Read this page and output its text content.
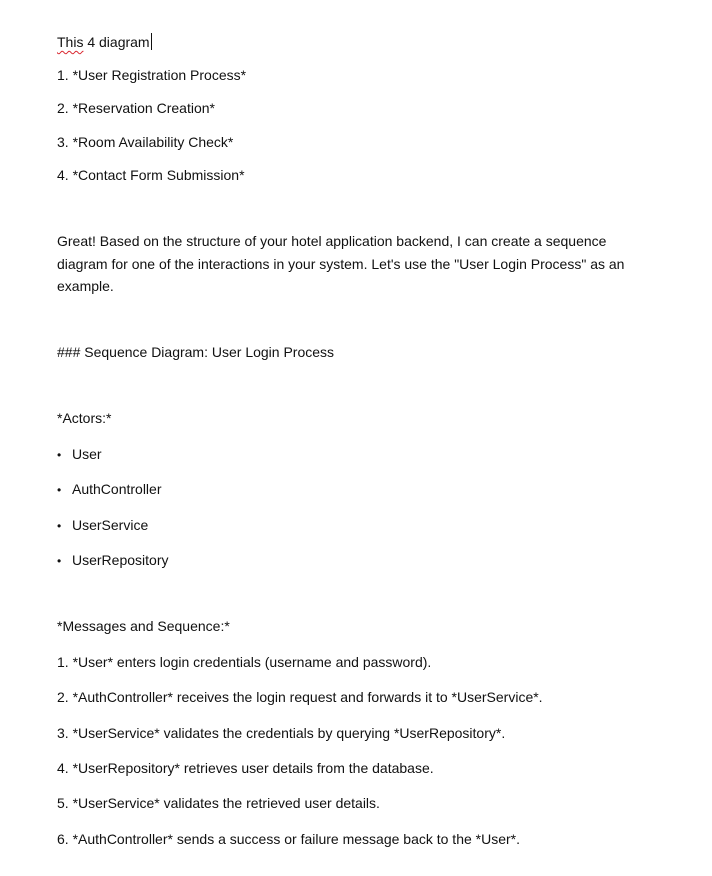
This 4 diagram
1. *User Registration Process*
2. *Reservation Creation*
3. *Room Availability Check*
4. *Contact Form Submission*
Great! Based on the structure of your hotel application backend, I can create a sequence diagram for one of the interactions in your system. Let's use the "User Login Process" as an example.
### Sequence Diagram: User Login Process
*Actors:*
• User
• AuthController
• UserService
• UserRepository
*Messages and Sequence:*
1. *User* enters login credentials (username and password).
2. *AuthController* receives the login request and forwards it to *UserService*.
3. *UserService* validates the credentials by querying *UserRepository*.
4. *UserRepository* retrieves user details from the database.
5. *UserService* validates the retrieved user details.
6. *AuthController* sends a success or failure message back to the *User*.
